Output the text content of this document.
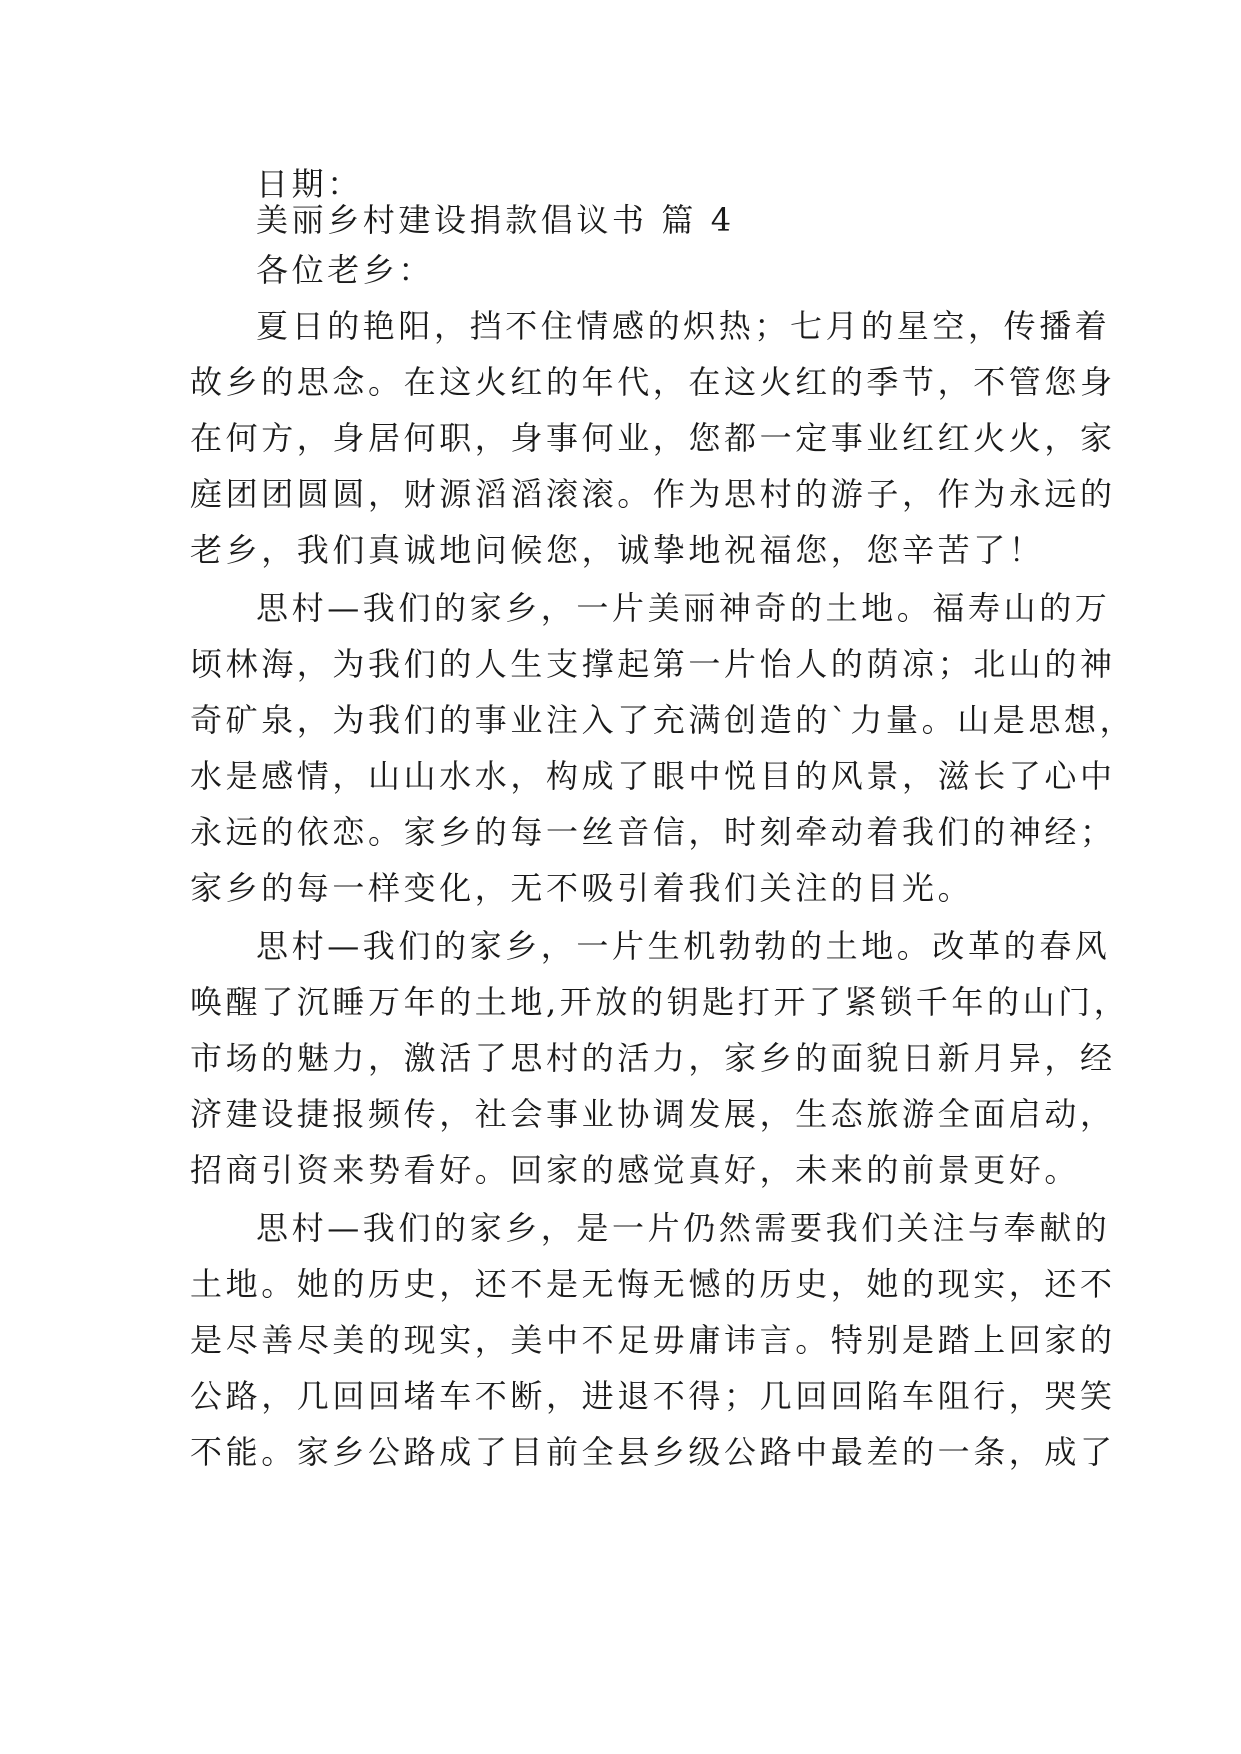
日期：
美丽乡村建设捐款倡议书 篇 4
各位老乡：
夏日的艳阳，挡不住情感的炽热；七月的星空，传播着
故乡的思念。在这火红的年代，在这火红的季节，不管您身
在何方，身居何职，身事何业，您都一定事业红红火火，家
庭团团圆圆，财源滔滔滚滚。作为思村的游子，作为永远的
老乡，我们真诚地问候您，诚挚地祝福您，您辛苦了！
思村—我们的家乡，一片美丽神奇的土地。福寿山的万
顷林海，为我们的人生支撑起第一片怡人的荫凉；北山的神
奇矿泉，为我们的事业注入了充满创造的`力量。山是思想，
水是感情，山山水水，构成了眼中悦目的风景，滋长了心中
永远的依恋。家乡的每一丝音信，时刻牵动着我们的神经；
家乡的每一样变化，无不吸引着我们关注的目光。
思村—我们的家乡，一片生机勃勃的土地。改革的春风
唤醒了沉睡万年的土地,开放的钥匙打开了紧锁千年的山门，
市场的魅力，激活了思村的活力，家乡的面貌日新月异，经
济建设捷报频传，社会事业协调发展，生态旅游全面启动，
招商引资来势看好。回家的感觉真好，未来的前景更好。
思村—我们的家乡，是一片仍然需要我们关注与奉献的
土地。她的历史，还不是无悔无憾的历史，她的现实，还不
是尽善尽美的现实，美中不足毋庸讳言。特别是踏上回家的
公路，几回回堵车不断，进退不得；几回回陷车阻行，哭笑
不能。家乡公路成了目前全县乡级公路中最差的一条，成了
